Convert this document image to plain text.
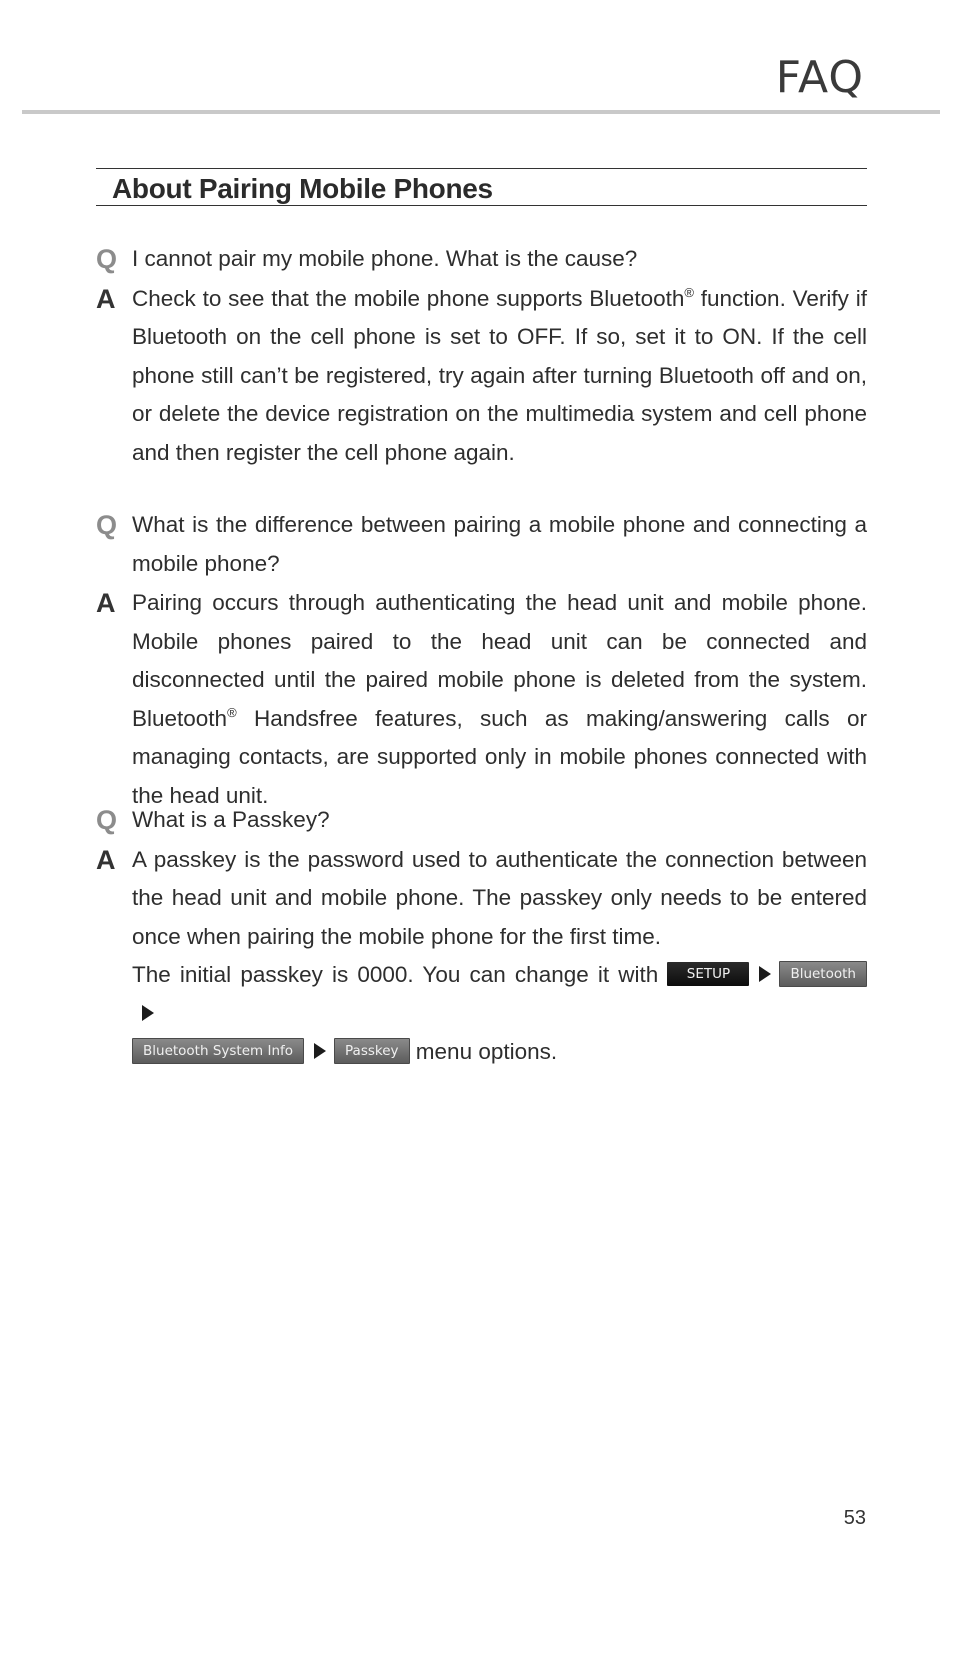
FAQ
About Pairing Mobile Phones
Q I cannot pair my mobile phone. What is the cause?
A Check to see that the mobile phone supports Bluetooth® function. Verify if Bluetooth on the cell phone is set to OFF. If so, set it to ON. If the cell phone still can’t be registered, try again after turning Bluetooth off and on, or delete the device registration on the multimedia system and cell phone and then register the cell phone again.
Q What is the difference between pairing a mobile phone and connecting a mobile phone?
A Pairing occurs through authenticating the head unit and mobile phone. Mobile phones paired to the head unit can be connected and disconnected until the paired mobile phone is deleted from the system. Bluetooth® Handsfree features, such as making/answering calls or managing contacts, are supported only in mobile phones connected with the head unit.
Q What is a Passkey?
A A passkey is the password used to authenticate the connection between the head unit and mobile phone. The passkey only needs to be entered once when pairing the mobile phone for the first time.
The initial passkey is 0000. You can change it with SETUP	Bluetooth
Bluetooth System Info	Passkey menu options.
53
